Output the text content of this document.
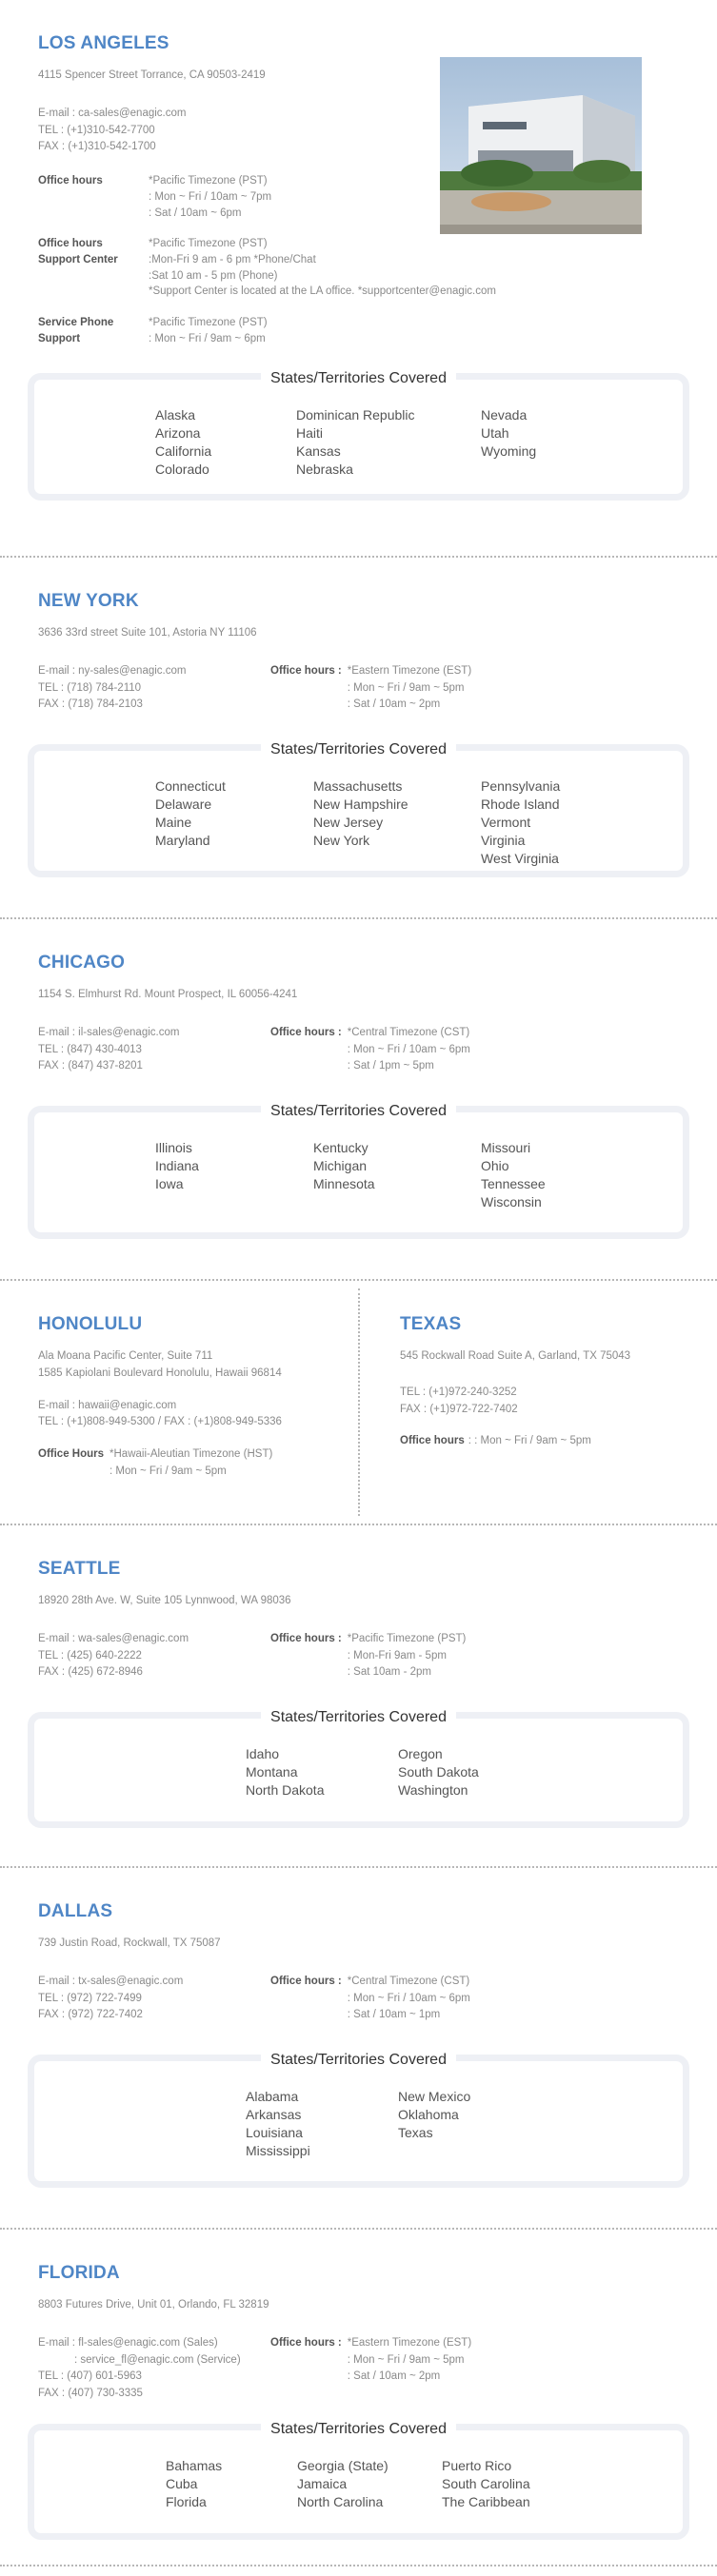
LOS ANGELES
4115 Spencer Street Torrance, CA 90503-2419
E-mail : ca-sales@enagic.com
TEL : (+1)310-542-7700
FAX : (+1)310-542-1700
Office hours	*Pacific Timezone (PST)
: Mon ~ Fri / 10am ~ 7pm
: Sat / 10am ~ 6pm
Office hours
Support Center
*Pacific Timezone (PST)
:Mon-Fri 9 am - 6 pm *Phone/Chat
:Sat 10 am - 5 pm (Phone)
*Support Center is located at the LA office. *supportcenter@enagic.com
Service Phone
Support
*Pacific Timezone (PST)
: Mon ~ Fri / 9am ~ 6pm
States/Territories Covered
Alaska
Arizona
California
Colorado
Dominican Republic
Haiti
Kansas
Nebraska
Nevada
Utah
Wyoming
NEW YORK
3636 33rd street Suite 101, Astoria NY 11106
E-mail : ny-sales@enagic.com
TEL : (718) 784-2110
FAX : (718) 784-2103
Office hours : *Eastern Timezone (EST)
: Mon ~ Fri / 9am ~ 5pm
: Sat / 10am ~ 2pm
States/Territories Covered
Connecticut
Delaware
Maine
Maryland
Massachusetts
New Hampshire
New Jersey
New York
Pennsylvania
Rhode Island
Vermont
Virginia
West Virginia
CHICAGO
1154 S. Elmhurst Rd. Mount Prospect, IL 60056-4241
E-mail : il-sales@enagic.com
TEL : (847) 430-4013
FAX : (847) 437-8201
Office hours : *Central Timezone (CST)
: Mon ~ Fri / 10am ~ 6pm
: Sat / 1pm ~ 5pm
States/Territories Covered
Illinois
Indiana
Iowa
Kentucky
Michigan
Minnesota
Missouri
Ohio
Tennessee
Wisconsin
HONOLULU
Ala Moana Pacific Center, Suite 711
1585 Kapiolani Boulevard Honolulu, Hawaii 96814
E-mail : hawaii@enagic.com
TEL : (+1)808-949-5300 / FAX : (+1)808-949-5336
Office Hours *Hawaii-Aleutian Timezone (HST)
: Mon ~ Fri / 9am ~ 5pm
TEXAS
545 Rockwall Road Suite A, Garland, TX 75043
TEL : (+1)972-240-3252
FAX : (+1)972-722-7402
Office hours : : Mon ~ Fri / 9am ~ 5pm
SEATTLE
18920 28th Ave. W, Suite 105 Lynnwood, WA 98036
E-mail : wa-sales@enagic.com
TEL : (425) 640-2222
FAX : (425) 672-8946
Office hours : *Pacific Timezone (PST)
: Mon-Fri 9am - 5pm
: Sat 10am - 2pm
States/Territories Covered
Idaho
Montana
North Dakota
Oregon
South Dakota
Washington
DALLAS
739 Justin Road, Rockwall, TX 75087
E-mail : tx-sales@enagic.com
TEL : (972) 722-7499
FAX : (972) 722-7402
Office hours : *Central Timezone (CST)
: Mon ~ Fri / 10am ~ 6pm
: Sat / 10am ~ 1pm
States/Territories Covered
Alabama
Arkansas
Louisiana
Mississippi
New Mexico
Oklahoma
Texas
FLORIDA
8803 Futures Drive, Unit 01, Orlando, FL 32819
E-mail : fl-sales@enagic.com (Sales)
: service_fl@enagic.com (Service)
TEL : (407) 601-5963
FAX : (407) 730-3335
Office hours : *Eastern Timezone (EST)
: Mon ~ Fri / 9am ~ 5pm
: Sat / 10am ~ 2pm
States/Territories Covered
Bahamas
Cuba
Florida
Georgia (State)
Jamaica
North Carolina
Puerto Rico
South Carolina
The Caribbean
